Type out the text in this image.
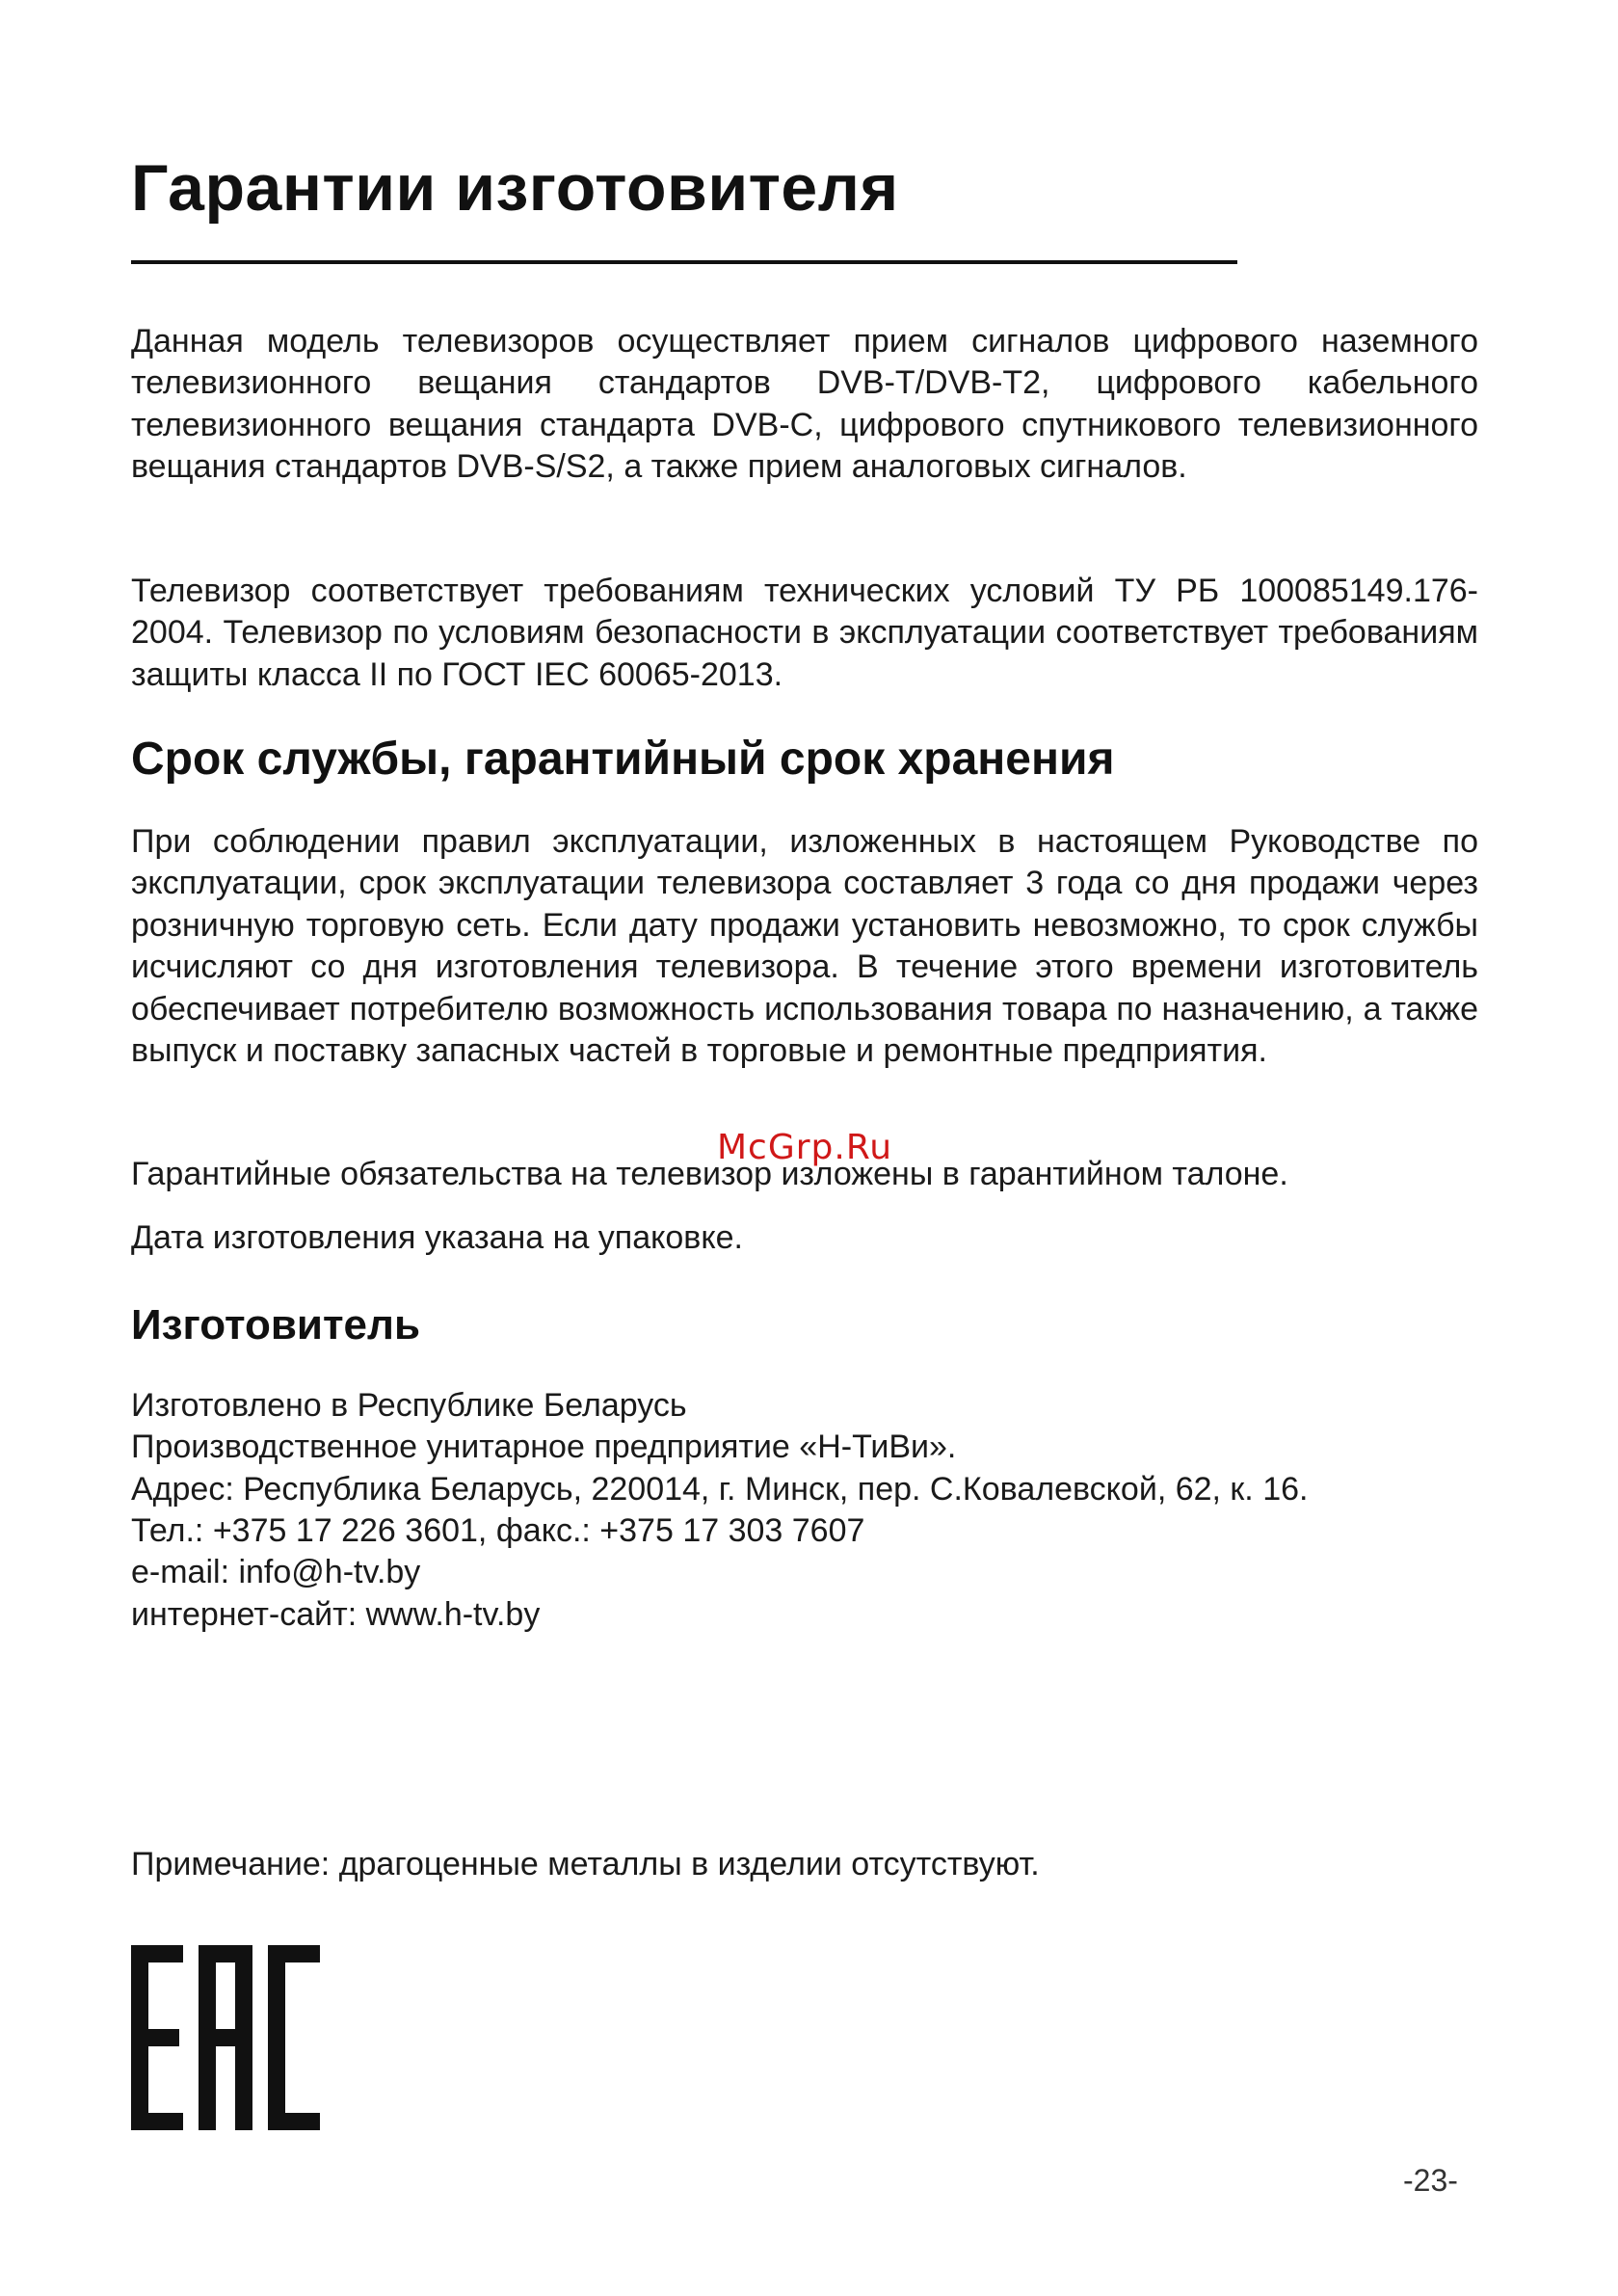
Гарантии изготовителя

Данная модель телевизоров осуществляет прием сигналов цифрового наземного телевизионного вещания стандартов DVB-T/DVB-T2, цифрового кабельного телевизионного вещания стандарта DVB-C, цифрового спутникового телевизионного вещания стандартов DVB-S/S2, а также прием аналоговых сигналов.

Телевизор соответствует требованиям технических условий ТУ РБ 100085149.176-2004. Телевизор по условиям безопасности в эксплуатации соответствует требованиям защиты класса II по ГОСТ IEC 60065-2013.

Срок службы, гарантийный срок хранения

При соблюдении правил эксплуатации, изложенных в настоящем Руководстве по эксплуатации, срок эксплуатации телевизора составляет 3 года со дня продажи через розничную торговую сеть. Если дату продажи установить невозможно, то срок службы исчисляют со дня изготовления телевизора. В течение этого времени изготовитель обеспечивает потребителю возможность использования товара по назначению, а также выпуск и поставку запасных частей в торговые и ремонтные предприятия.

McGrp.Ru

Гарантийные обязательства на телевизор изложены в гарантийном талоне.

Дата изготовления указана на упаковке.

Изготовитель

Изготовлено в Республике Беларусь

Производственное унитарное предприятие «Н-ТиВи».

Адрес: Республика Беларусь, 220014, г. Минск, пер. С.Ковалевской, 62, к. 16.

Тел.: +375 17 226 3601, факс.: +375 17 303 7607

e-mail: info@h-tv.by

интернет-сайт: www.h-tv.by

Примечание: драгоценные металлы в изделии отсутствуют.

-23-
